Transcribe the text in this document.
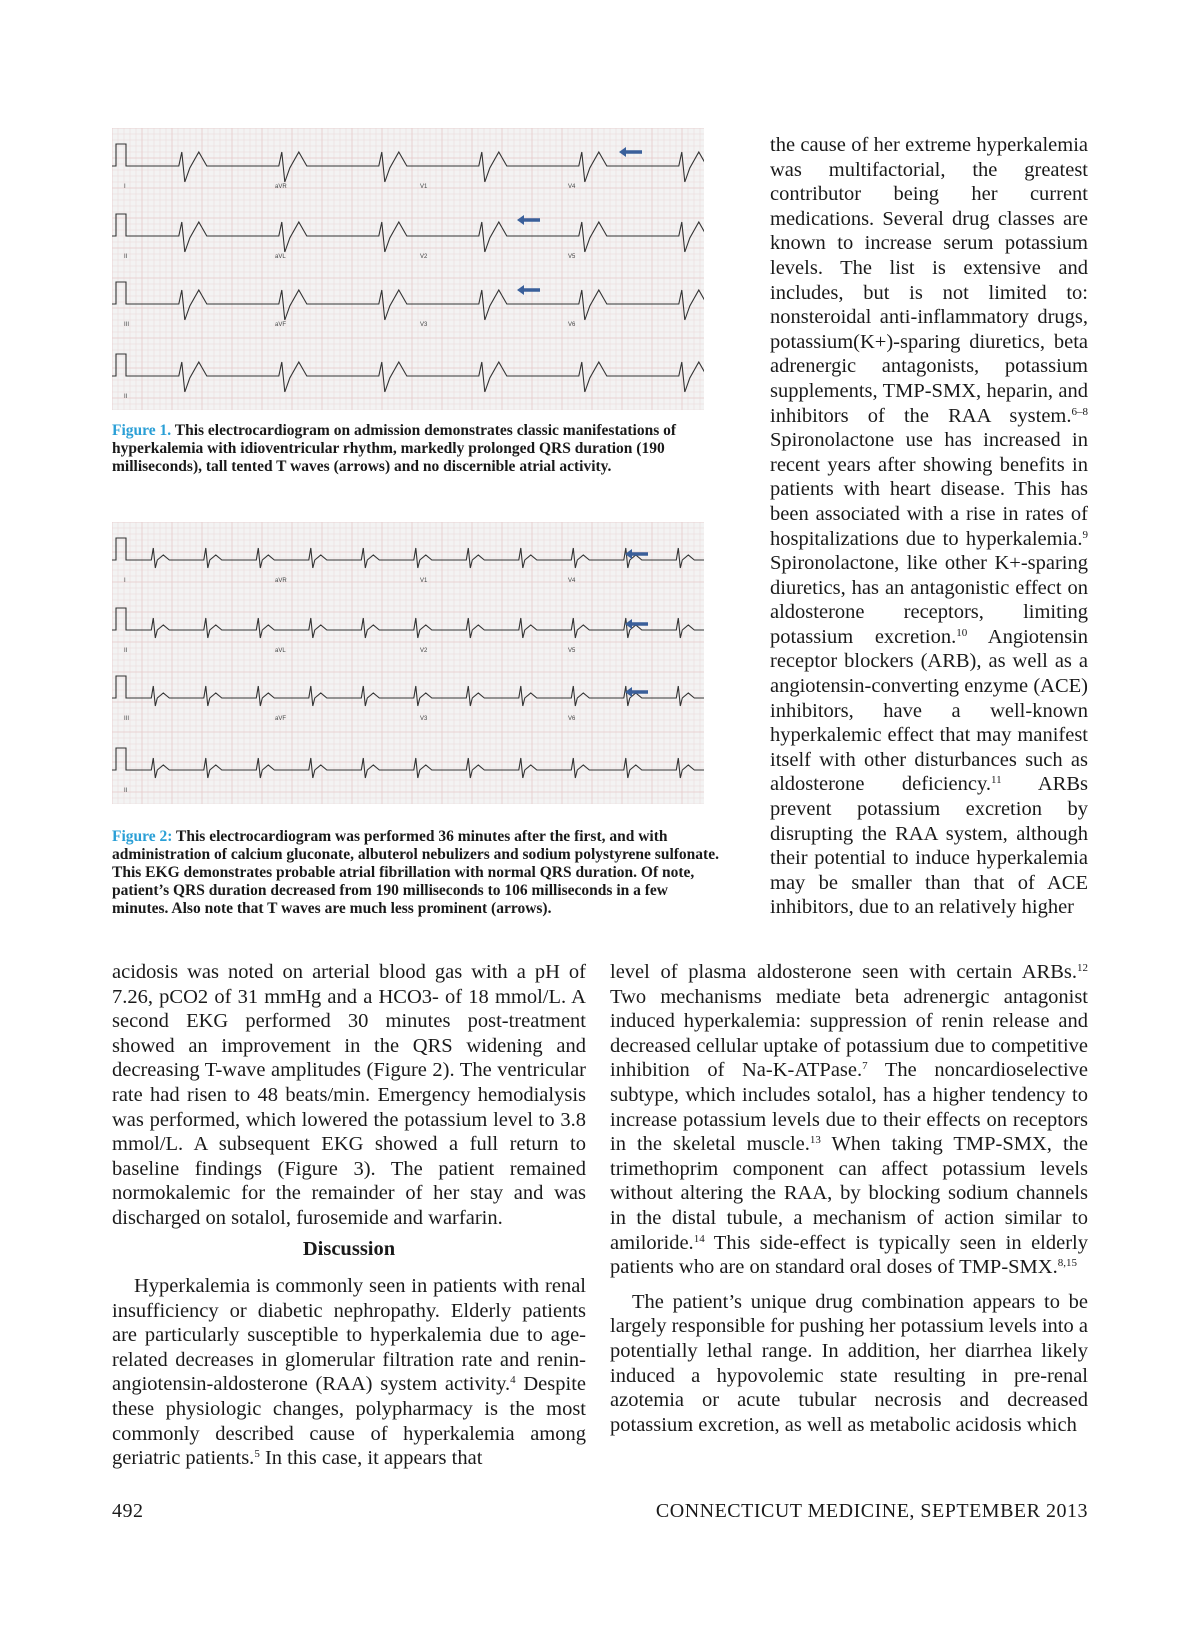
I	aVR	V1	V4
II	aVL	V2	V5
III	aVF	V3	V6
II
Figure 1. This electrocardiogram on admission demonstrates classic manifestations of hyperkalemia with idioventricular rhythm, markedly prolonged QRS duration (190 milliseconds), tall tented T waves (arrows) and no discernible atrial activity.
I	aVR	V1	V4
II	aVL	V2	V5
III	aVF	V3	V6
II
Figure 2: This electrocardiogram was performed 36 minutes after the first, and with administration of calcium gluconate, albuterol nebulizers and sodium polystyrene sulfonate. This EKG demonstrates probable atrial fibrillation with normal QRS duration. Of note, patient’s QRS duration decreased from 190 milliseconds to 106 milliseconds in a few minutes. Also note that T waves are much less prominent (arrows).

the cause of her extreme hyperkalemia was multifactorial, the greatest contributor being her current medications. Several drug classes are known to increase serum potassium levels. The list is extensive and includes, but is not limited to: nonsteroidal anti-inflammatory drugs, potassium(K+)-sparing diuretics, beta adrenergic antagonists, potassium supplements, TMP-SMX, heparin, and inhibitors of the RAA system.$^{6-8}$ Spironolactone use has increased in recent years after showing benefits in patients with heart disease. This has been associated with a rise in rates of hospitalizations due to hyperkalemia.$^9$ Spironolactone, like other K+-sparing diuretics, has an antagonistic effect on aldosterone receptors, limiting potassium excretion.$^{10}$ Angiotensin receptor blockers (ARB), as well as a angiotensin-converting enzyme (ACE) inhibitors, have a well-known hyperkalemic effect that may manifest itself with other disturbances such as aldosterone deficiency.$^{11}$ ARBs prevent potassium excretion by disrupting the RAA system, although their potential to induce hyperkalemia may be smaller than that of ACE inhibitors, due to an relatively higher

acidosis was noted on arterial blood gas with a pH of 7.26, pCO2 of 31 mmHg and a HCO3- of 18 mmol/L. A second EKG performed 30 minutes post-treatment showed an improvement in the QRS widening and decreasing T-wave amplitudes (Figure 2). The ventricular rate had risen to 48 beats/min. Emergency hemodialysis was performed, which lowered the potassium level to 3.8 mmol/L. A subsequent EKG showed a full return to baseline findings (Figure 3). The patient remained normokalemic for the remainder of her stay and was discharged on sotalol, furosemide and warfarin.

Discussion

Hyperkalemia is commonly seen in patients with renal insufficiency or diabetic nephropathy. Elderly patients are particularly susceptible to hyperkalemia due to age-related decreases in glomerular filtration rate and renin-angiotensin-aldosterone (RAA) system activity.$^4$ Despite these physiologic changes, polypharmacy is the most commonly described cause of hyperkalemia among geriatric patients.$^5$ In this case, it appears that

level of plasma aldosterone seen with certain ARBs.$^{12}$ Two mechanisms mediate beta adrenergic antagonist induced hyperkalemia: suppression of renin release and decreased cellular uptake of potassium due to competitive inhibition of Na-K-ATPase.$^7$ The noncardioselective subtype, which includes sotalol, has a higher tendency to increase potassium levels due to their effects on receptors in the skeletal muscle.$^{13}$ When taking TMP-SMX, the trimethoprim component can affect potassium levels without altering the RAA, by blocking sodium channels in the distal tubule, a mechanism of action similar to amiloride.$^{14}$ This side-effect is typically seen in elderly patients who are on standard oral doses of TMP-SMX.$^{8,15}$

The patient’s unique drug combination appears to be largely responsible for pushing her potassium levels into a potentially lethal range. In addition, her diarrhea likely induced a hypovolemic state resulting in pre-renal azotemia or acute tubular necrosis and decreased potassium excretion, as well as metabolic acidosis which

492	CONNECTICUT MEDICINE, SEPTEMBER 2013
